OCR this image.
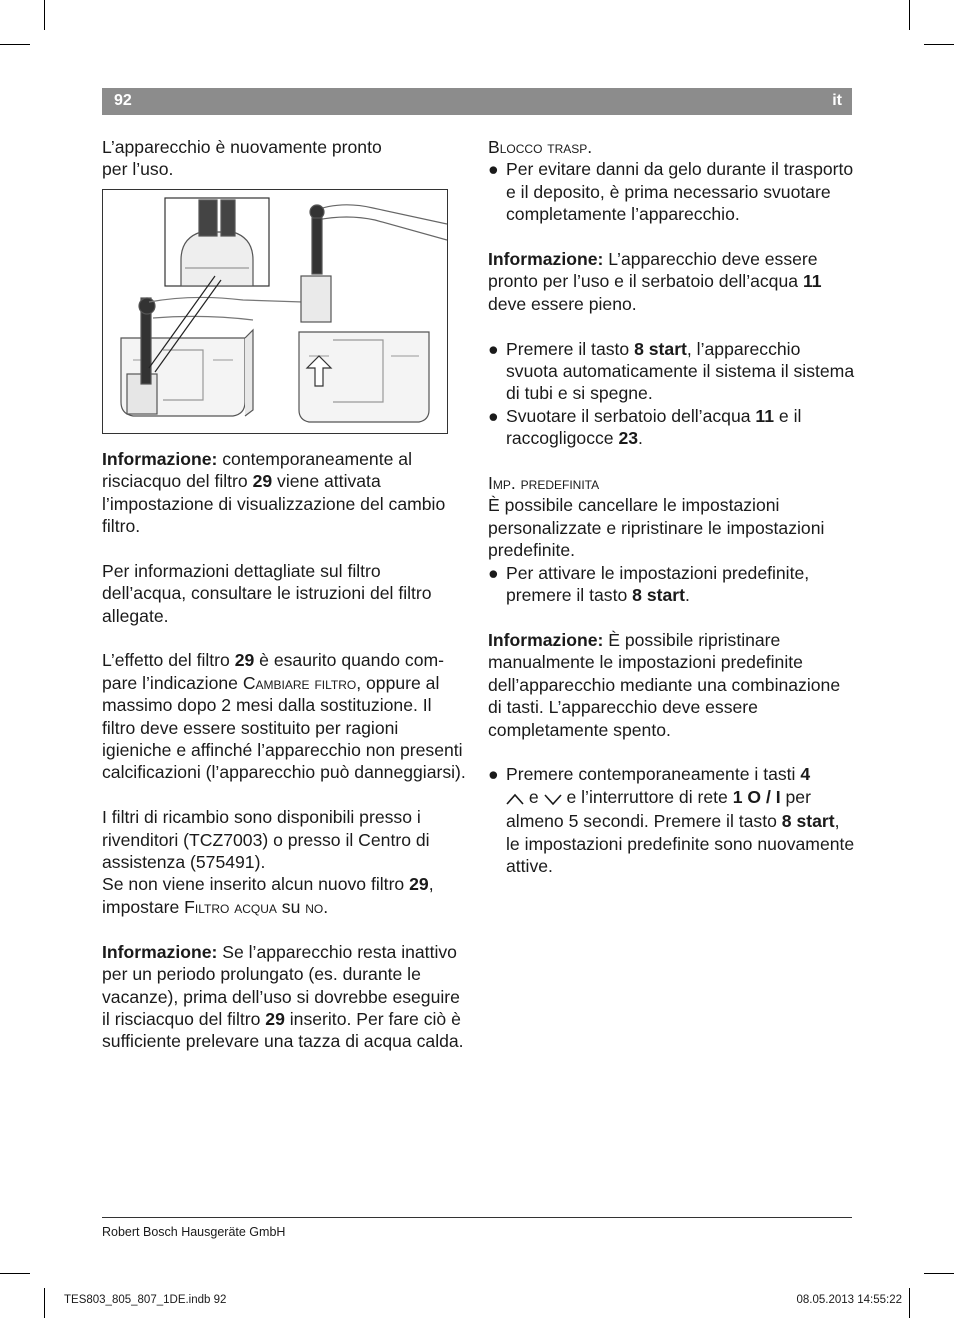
92	it

L’apparecchio è nuovamente pronto per l’uso.

Informazione: contemporaneamente al risciacquo del filtro 29 viene attivata l’impostazione di visualizzazione del cambio filtro.

Per informazioni dettagliate sul filtro dell’acqua, consultare le istruzioni del filtro allegate.

L’effetto del filtro 29 è esaurito quando compare l’indicazione Cambiare filtro, oppure al massimo dopo 2 mesi dalla sostituzione. Il filtro deve essere sostituito per ragioni igieniche e affinché l’apparecchio non presenti calcificazioni (l’apparecchio può danneggiarsi).

I filtri di ricambio sono disponibili presso i rivenditori (TCZ7003) o presso il Centro di assistenza (575491).

Se non viene inserito alcun nuovo filtro 29, impostare Filtro acqua su no.

Informazione: Se l’apparecchio resta inattivo per un periodo prolungato (es. durante le vacanze), prima dell’uso si dovrebbe eseguire il risciacquo del filtro 29 inserito. Per fare ciò è sufficiente prelevare una tazza di acqua calda.

Blocco trasp.

● Per evitare danni da gelo durante il trasporto e il deposito, è prima necessario svuotare completamente l’apparecchio.

Informazione: L’apparecchio deve essere pronto per l’uso e il serbatoio dell’acqua 11 deve essere pieno.

● Premere il tasto 8 start, l’apparecchio svuota automaticamente il sistema il sistema di tubi e si spegne.

● Svuotare il serbatoio dell’acqua 11 e il raccogligocce 23.

Imp. predefinita

È possibile cancellare le impostazioni personalizzate e ripristinare le impostazioni predefinite.

● Per attivare le impostazioni predefinite, premere il tasto 8 start.

Informazione: È possibile ripristinare manualmente le impostazioni predefinite dell’apparecchio mediante una combinazione di tasti. L’apparecchio deve essere completamente spento.

● Premere contemporaneamente i tasti 4
e  e l’interruttore di rete 1 O / I per almeno 5 secondi. Premere il tasto 8 start, le impostazioni predefinite sono nuovamente attive.

Robert Bosch Hausgeräte GmbH
TES803_805_807_1DE.indb 92	08.05.2013 14:55:22
